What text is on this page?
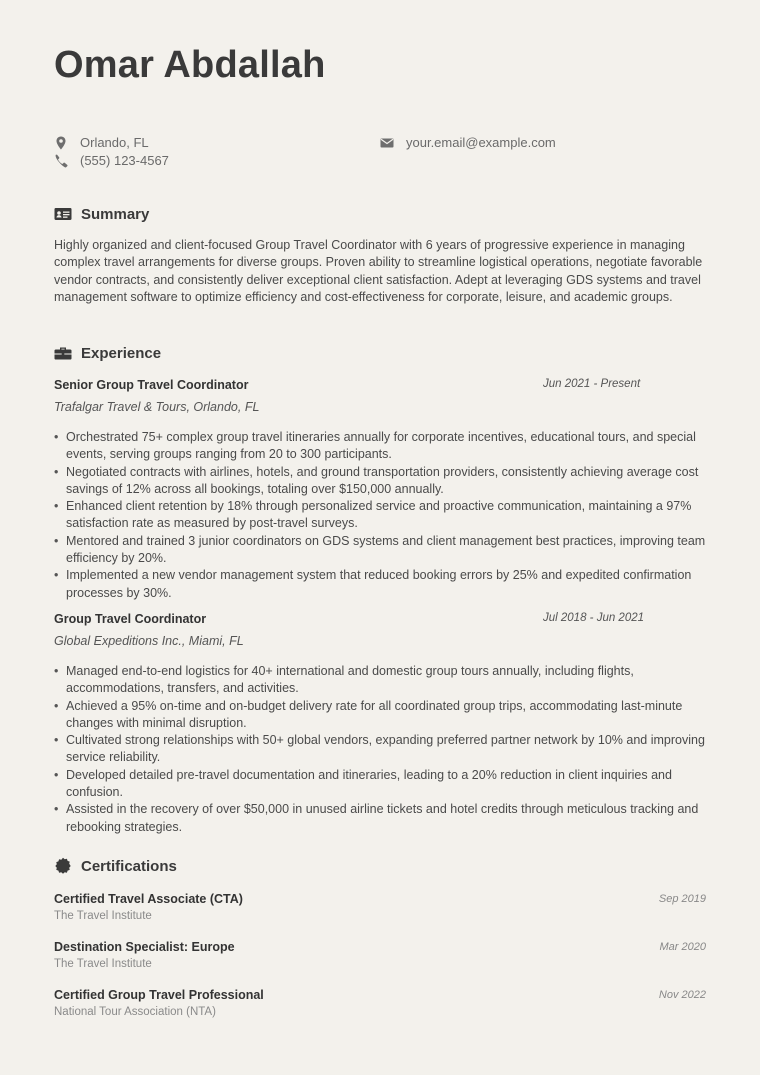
Omar Abdallah
Orlando, FL
(555) 123-4567
your.email@example.com
Summary

Highly organized and client-focused Group Travel Coordinator with 6 years of progressive experience in managing complex travel arrangements for diverse groups. Proven ability to streamline logistical operations, negotiate favorable vendor contracts, and consistently deliver exceptional client satisfaction. Adept at leveraging GDS systems and travel management software to optimize efficiency and cost-effectiveness for corporate, leisure, and academic groups.

Experience
Senior Group Travel Coordinator	Jun 2021 - Present
Trafalgar Travel & Tours, Orlando, FL
• Orchestrated 75+ complex group travel itineraries annually for corporate incentives, educational tours, and special events, serving groups ranging from 20 to 300 participants.
• Negotiated contracts with airlines, hotels, and ground transportation providers, consistently achieving average cost savings of 12% across all bookings, totaling over $150,000 annually.
• Enhanced client retention by 18% through personalized service and proactive communication, maintaining a 97% satisfaction rate as measured by post-travel surveys.
• Mentored and trained 3 junior coordinators on GDS systems and client management best practices, improving team efficiency by 20%.
• Implemented a new vendor management system that reduced booking errors by 25% and expedited confirmation processes by 30%.
Group Travel Coordinator	Jul 2018 - Jun 2021
Global Expeditions Inc., Miami, FL
• Managed end-to-end logistics for 40+ international and domestic group tours annually, including flights, accommodations, transfers, and activities.
• Achieved a 95% on-time and on-budget delivery rate for all coordinated group trips, accommodating last-minute changes with minimal disruption.
• Cultivated strong relationships with 50+ global vendors, expanding preferred partner network by 10% and improving service reliability.
• Developed detailed pre-travel documentation and itineraries, leading to a 20% reduction in client inquiries and confusion.
• Assisted in the recovery of over $50,000 in unused airline tickets and hotel credits through meticulous tracking and rebooking strategies.
Certifications
Certified Travel Associate (CTA)
The Travel Institute
Sep 2019
Destination Specialist: Europe
The Travel Institute
Mar 2020
Certified Group Travel Professional
National Tour Association (NTA)
Nov 2022
